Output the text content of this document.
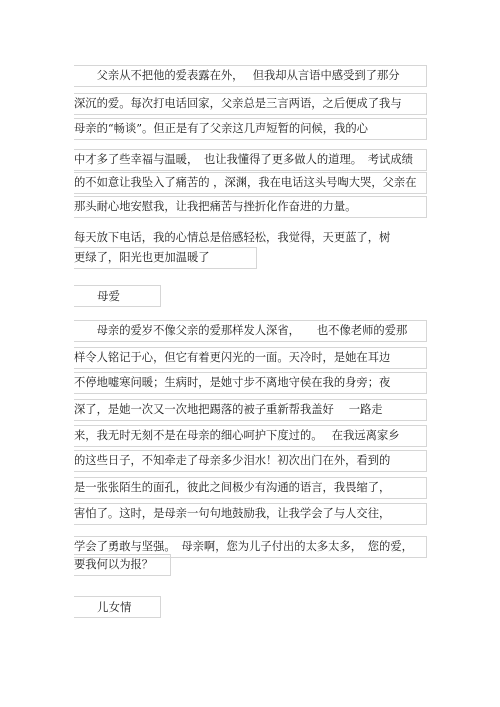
　　父亲从不把他的爱表露在外，　 但我却从言语中感受到了那分
深沉的爱。每次打电话回家，父亲总是三言两语，之后便成了我与
母亲的“畅谈”。但正是有了父亲这几声短暂的问候，我的心
中才多了些幸福与温暖，　也让我懂得了更多做人的道理。　考试成绩
的不如意让我坠入了痛苦的 ，深渊，我在电话这头号啕大哭，父亲在
那头耐心地安慰我，让我把痛苦与挫折化作奋进的力量。
每天放下电话，我的心情总是倍感轻松，我觉得，天更蓝了，树
更绿了，阳光也更加温暖了
　　母爱
　　母亲的爱岁不像父亲的爱那样发人深省，　　也不像老师的爱那
样令人铭记于心，但它有着更闪光的一面。天冷时，是她在耳边
不停地嘘寒问暖；生病时，是她寸步不离地守侯在我的身旁；夜
深了，是她一次又一次地把踢落的被子重新帮我盖好　 一路走
来，我无时无刻不是在母亲的细心呵护下度过的。　 在我远离家乡
的这些日子，不知牵走了母亲多少泪水！初次出门在外，看到的
是一张张陌生的面孔，彼此之间极少有沟通的语言，我畏缩了，
害怕了。这时，是母亲一句句地鼓励我，让我学会了与人交往，
学会了勇敢与坚强。　母亲啊，您为儿子付出的太多太多，　您的爱，
要我何以为报？
　　儿女情
